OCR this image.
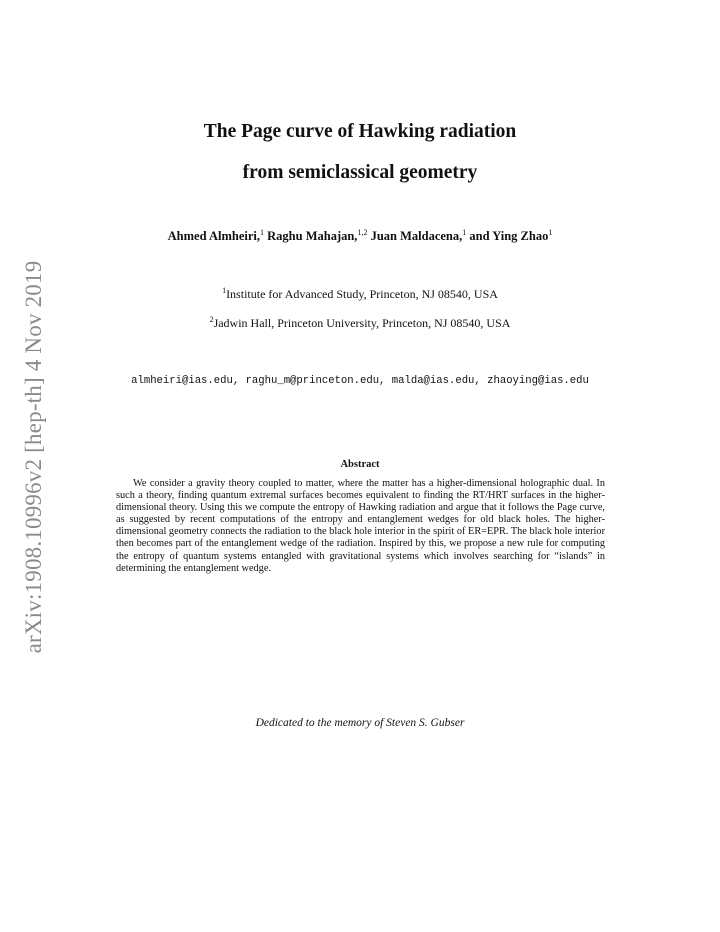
arXiv:1908.10996v2 [hep-th] 4 Nov 2019
The Page curve of Hawking radiation
from semiclassical geometry
Ahmed Almheiri,$^1$ Raghu Mahajan,$^{1,2}$ Juan Maldacena,$^1$ and Ying Zhao$^1$
$^1$Institute for Advanced Study, Princeton, NJ 08540, USA
$^2$Jadwin Hall, Princeton University, Princeton, NJ 08540, USA
almheiri@ias.edu, raghu_m@princeton.edu, malda@ias.edu, zhaoying@ias.edu
Abstract
We consider a gravity theory coupled to matter, where the matter has a higher-dimensional holographic dual. In such a theory, finding quantum extremal surfaces becomes equivalent to finding the RT/HRT surfaces in the higher-dimensional theory. Using this we compute the entropy of Hawking radiation and argue that it follows the Page curve, as suggested by recent computations of the entropy and entanglement wedges for old black holes. The higher-dimensional geometry connects the radiation to the black hole interior in the spirit of ER=EPR. The black hole interior then becomes part of the entanglement wedge of the radiation. Inspired by this, we propose a new rule for computing the entropy of quantum systems entangled with gravitational systems which involves searching for “islands” in determining the entanglement wedge.
Dedicated to the memory of Steven S. Gubser
